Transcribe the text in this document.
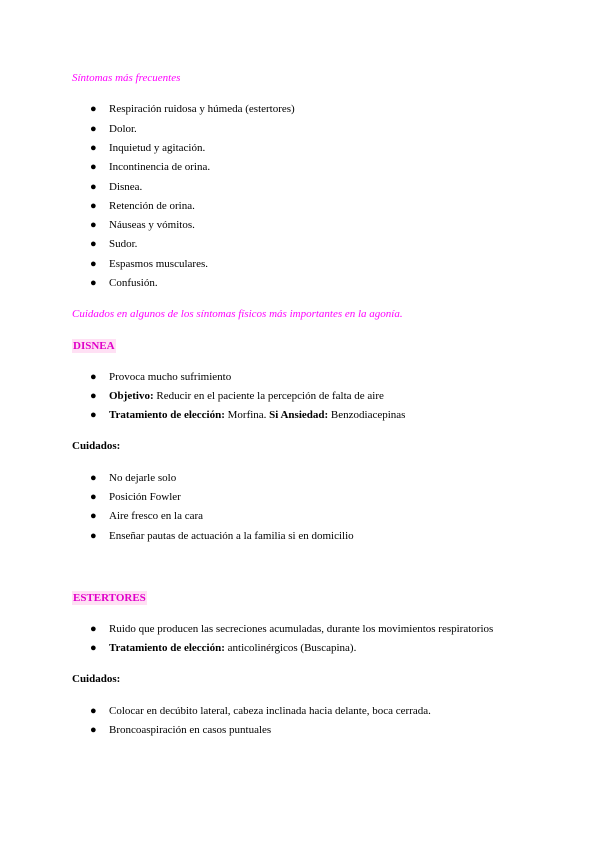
Síntomas más frecuentes
● Respiración ruidosa y húmeda (estertores)
● Dolor.
● Inquietud y agitación.
● Incontinencia de orina.
● Disnea.
● Retención de orina.
● Náuseas y vómitos.
● Sudor.
● Espasmos musculares.
● Confusión.
Cuidados en algunos de los síntomas físicos más importantes en la agonía.
DISNEA
● Provoca mucho sufrimiento
● Objetivo: Reducir en el paciente la percepción de falta de aire
● Tratamiento de elección: Morfina. Si Ansiedad: Benzodiacepinas
Cuidados:
● No dejarle solo
● Posición Fowler
● Aire fresco en la cara
● Enseñar pautas de actuación a la familia si en domicilio
ESTERTORES
● Ruido que producen las secreciones acumuladas, durante los movimientos respiratorios
● Tratamiento de elección: anticolinérgicos (Buscapina).
Cuidados:
● Colocar en decúbito lateral, cabeza inclinada hacia delante, boca cerrada.
● Broncoaspiración en casos puntuales
